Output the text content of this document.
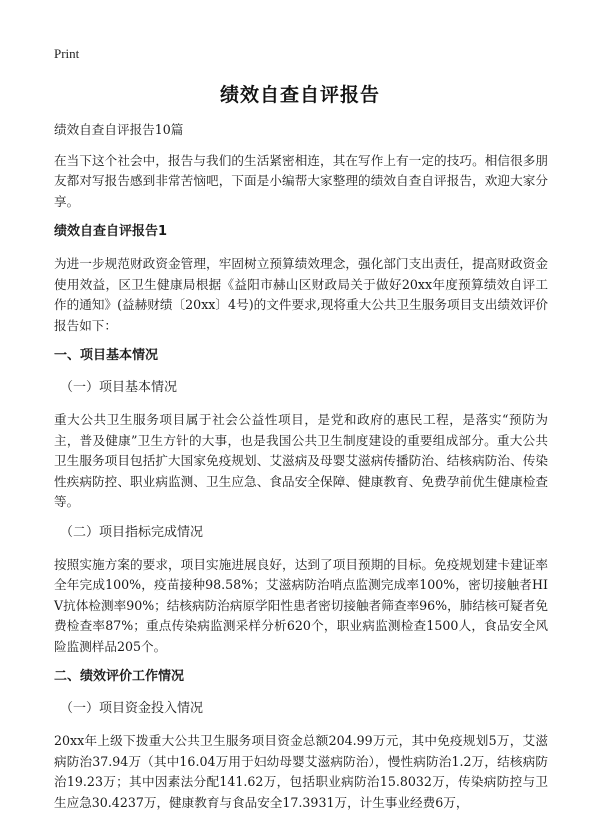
Print
绩效自查自评报告
绩效自查自评报告10篇
在当下这个社会中，报告与我们的生活紧密相连，其在写作上有一定的技巧。相信很多朋友都对写报告感到非常苦恼吧，下面是小编帮大家整理的绩效自查自评报告，欢迎大家分享。
绩效自查自评报告1
为进一步规范财政资金管理，牢固树立预算绩效理念，强化部门支出责任，提高财政资金使用效益，区卫生健康局根据《益阳市赫山区财政局关于做好20xx年度预算绩效自评工作的通知》(益赫财绩〔20xx〕4号)的文件要求,现将重大公共卫生服务项目支出绩效评价报告如下：
一、项目基本情况
（一）项目基本情况
重大公共卫生服务项目属于社会公益性项目，是党和政府的惠民工程，是落实“预防为主，普及健康”卫生方针的大事，也是我国公共卫生制度建设的重要组成部分。重大公共卫生服务项目包括扩大国家免疫规划、艾滋病及母婴艾滋病传播防治、结核病防治、传染性疾病防控、职业病监测、卫生应急、食品安全保障、健康教育、免费孕前优生健康检查等。
（二）项目指标完成情况
按照实施方案的要求，项目实施进展良好，达到了项目预期的目标。免疫规划建卡建证率全年完成100%，疫苗接种98.58%；艾滋病防治哨点监测完成率100%，密切接触者HIV抗体检测率90%；结核病防治病原学阳性患者密切接触者筛查率96%，肺结核可疑者免费检查率87%；重点传染病监测采样分析620个，职业病监测检查1500人，食品安全风险监测样品205个。
二、绩效评价工作情况
（一）项目资金投入情况
20xx年上级下拨重大公共卫生服务项目资金总额204.99万元，其中免疫规划5万，艾滋病防治37.94万（其中16.04万用于妇幼母婴艾滋病防治），慢性病防治1.2万，结核病防治19.23万；其中因素法分配141.62万，包括职业病防治15.8032万，传染病防控与卫生应急30.4237万，健康教育与食品安全17.3931万，计生事业经费6万，
